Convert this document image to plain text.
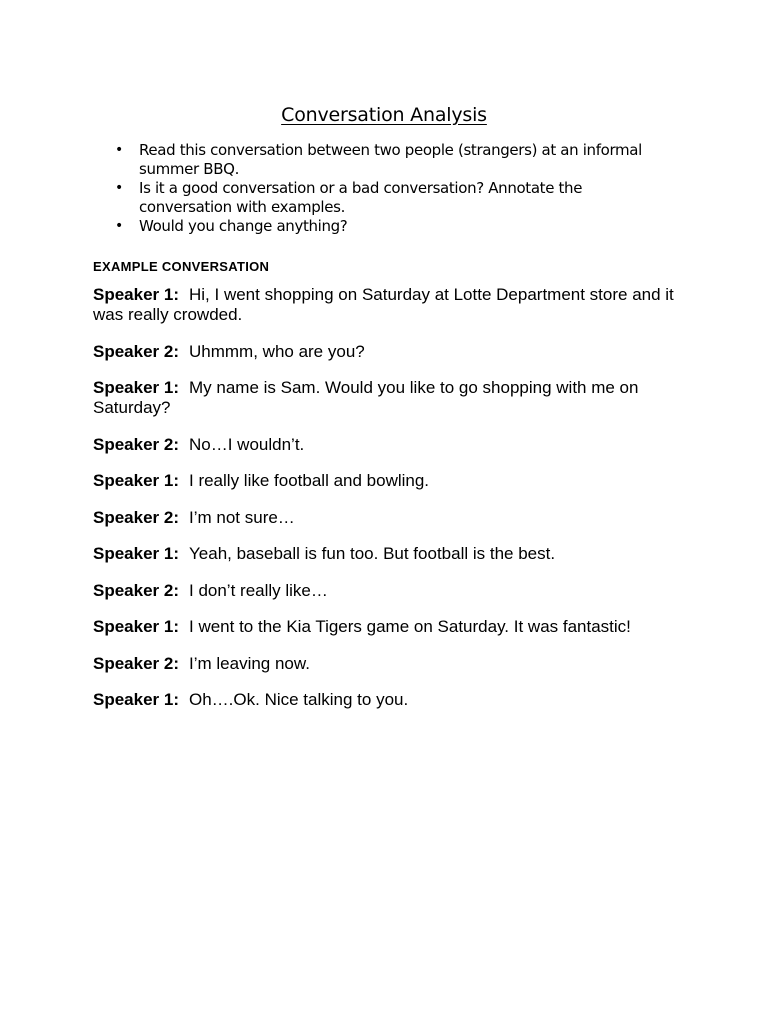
Conversation Analysis
• Read this conversation between two people (strangers) at an informal summer BBQ.
• Is it a good conversation or a bad conversation? Annotate the conversation with examples.
• Would you change anything?
EXAMPLE CONVERSATION

Speaker 1: Hi, I went shopping on Saturday at Lotte Department store and it was really crowded.

Speaker 2: Uhmmm, who are you?

Speaker 1: My name is Sam. Would you like to go shopping with me on Saturday?

Speaker 2: No…I wouldn’t.

Speaker 1: I really like football and bowling.

Speaker 2: I’m not sure…

Speaker 1: Yeah, baseball is fun too. But football is the best.

Speaker 2: I don’t really like…

Speaker 1: I went to the Kia Tigers game on Saturday. It was fantastic!

Speaker 2: I’m leaving now.

Speaker 1: Oh….Ok. Nice talking to you.
